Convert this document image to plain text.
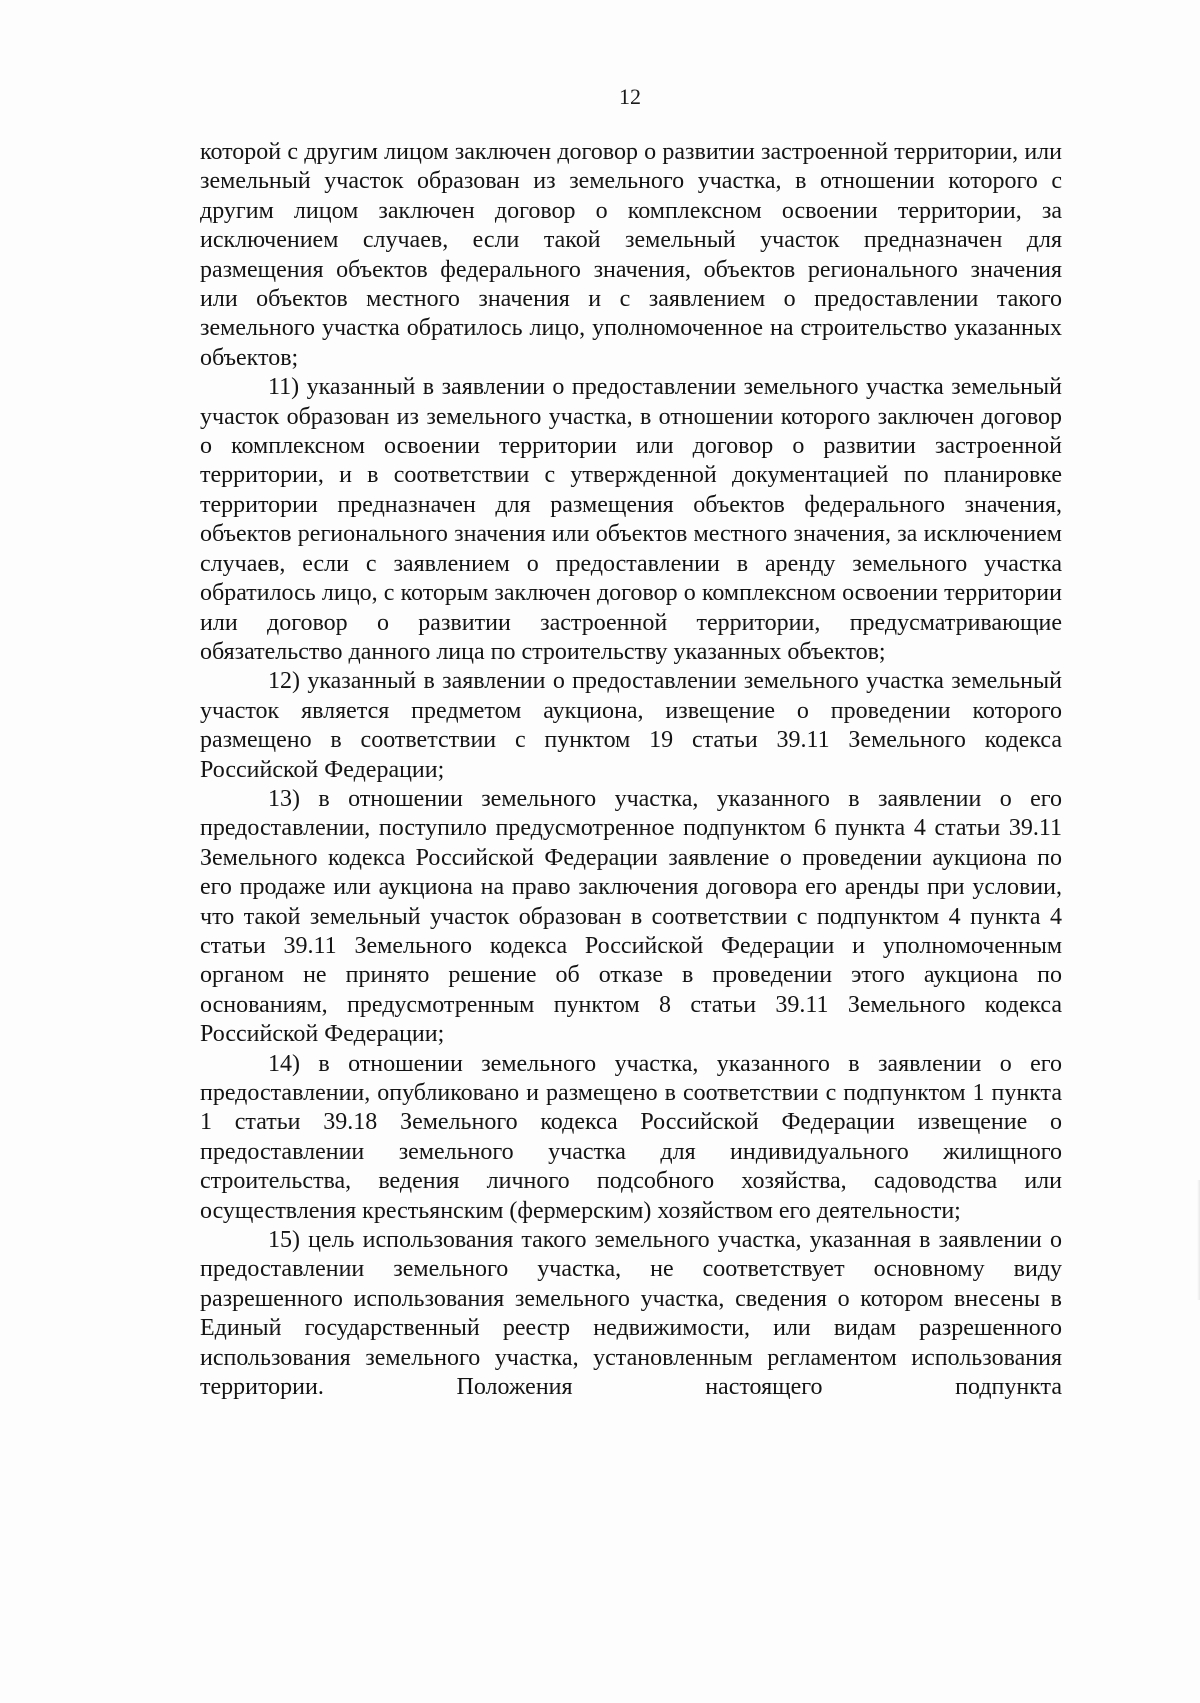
12

которой с другим лицом заключен договор о развитии застроенной территории, или земельный участок образован из земельного участка, в отношении которого с другим лицом заключен договор о комплексном освоении территории, за исключением случаев, если такой земельный участок предназначен для размещения объектов федерального значения, объектов регионального значения или объектов местного значения и с заявлением о предоставлении такого земельного участка обратилось лицо, уполномоченное на строительство указанных объектов;

11) указанный в заявлении о предоставлении земельного участка земельный участок образован из земельного участка, в отношении которого заключен договор о комплексном освоении территории или договор о развитии застроенной территории, и в соответствии с утвержденной документацией по планировке территории предназначен для размещения объектов федерального значения, объектов регионального значения или объектов местного значения, за исключением случаев, если с заявлением о предоставлении в аренду земельного участка обратилось лицо, с которым заключен договор о комплексном освоении территории или договор о развитии застроенной территории, предусматривающие обязательство данного лица по строительству указанных объектов;

12) указанный в заявлении о предоставлении земельного участка земельный участок является предметом аукциона, извещение о проведении которого размещено в соответствии с пунктом 19 статьи 39.11 Земельного кодекса Российской Федерации;

13) в отношении земельного участка, указанного в заявлении о его предоставлении, поступило предусмотренное подпунктом 6 пункта 4 статьи 39.11 Земельного кодекса Российской Федерации заявление о проведении аукциона по его продаже или аукциона на право заключения договора его аренды при условии, что такой земельный участок образован в соответствии с подпунктом 4 пункта 4 статьи 39.11 Земельного кодекса Российской Федерации и уполномоченным органом не принято решение об отказе в проведении этого аукциона по основаниям, предусмотренным пунктом 8 статьи 39.11 Земельного кодекса Российской Федерации;

14) в отношении земельного участка, указанного в заявлении о его предоставлении, опубликовано и размещено в соответствии с подпунктом 1 пункта 1 статьи 39.18 Земельного кодекса Российской Федерации извещение о предоставлении земельного участка для индивидуального жилищного строительства, ведения личного подсобного хозяйства, садоводства или осуществления крестьянским (фермерским) хозяйством его деятельности;

15) цель использования такого земельного участка, указанная в заявлении о предоставлении земельного участка, не соответствует основному виду разрешенного использования земельного участка, сведения о котором внесены в Единый государственный реестр недвижимости, или видам разрешенного использования земельного участка, установленным регламентом использования территории. Положения настоящего подпункта
